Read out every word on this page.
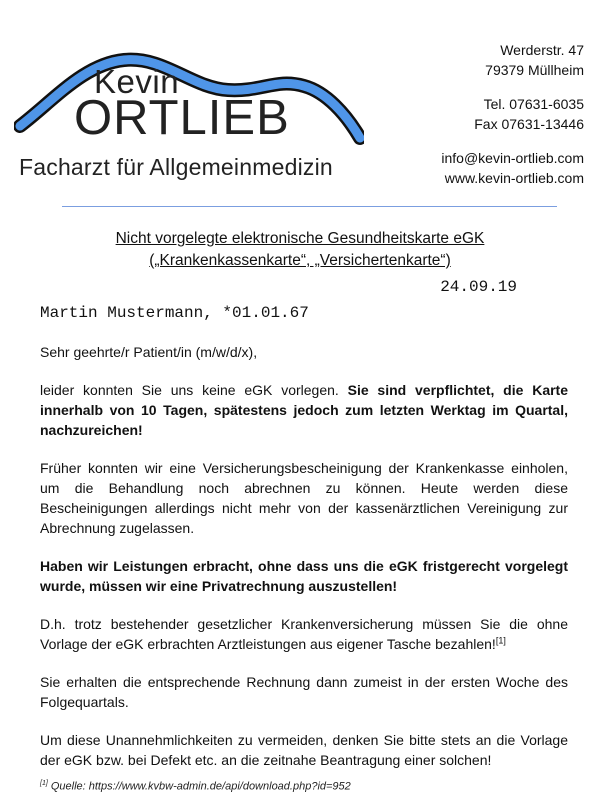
Kevin
ORTLIEB
Facharzt für Allgemeinmedizin
Werderstr. 47
79379 Müllheim
Tel. 07631-6035
Fax 07631-13446
info@kevin-ortlieb.com
www.kevin-ortlieb.com
Nicht vorgelegte elektronische Gesundheitskarte eGK
(„Krankenkassenkarte“, „Versichertenkarte“)
24.09.19
Martin Mustermann, *01.01.67

Sehr geehrte/r Patient/in (m/w/d/x),

leider konnten Sie uns keine eGK vorlegen. Sie sind verpflichtet, die Karte innerhalb von 10 Tagen, spätestens jedoch zum letzten Werktag im Quartal, nachzureichen!

Früher konnten wir eine Versicherungsbescheinigung der Krankenkasse einholen, um die Behandlung noch abrechnen zu können. Heute werden diese Bescheinigungen allerdings nicht mehr von der kassenärztlichen Vereinigung zur Abrechnung zugelassen.

Haben wir Leistungen erbracht, ohne dass uns die eGK fristgerecht vorgelegt wurde, müssen wir eine Privatrechnung auszustellen!

D.h. trotz bestehender gesetzlicher Krankenversicherung müssen Sie die ohne Vorlage der eGK erbrachten Arztleistungen aus eigener Tasche bezahlen![1]

Sie erhalten die entsprechende Rechnung dann zumeist in der ersten Woche des Folgequartals.

Um diese Unannehmlichkeiten zu vermeiden, denken Sie bitte stets an die Vorlage der eGK bzw. bei Defekt etc. an die zeitnahe Beantragung einer solchen!

[1] Quelle: https://www.kvbw-admin.de/api/download.php?id=952
